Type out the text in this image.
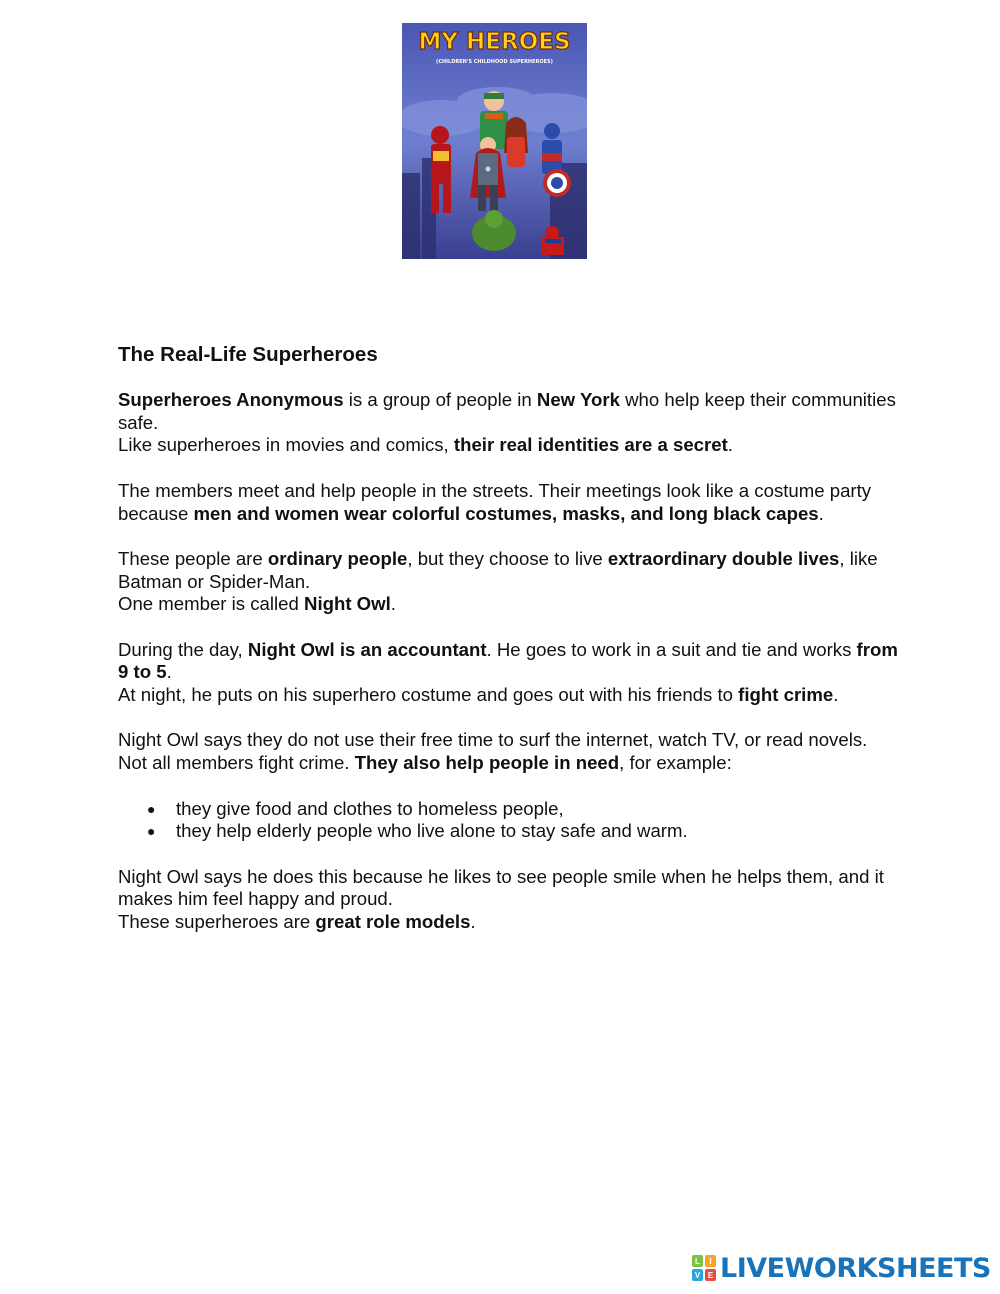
MY HEROES
(CHILDREN'S CHILDHOOD SUPERHEROES)
The Real-Life Superheroes

Superheroes Anonymous is a group of people in New York who help keep their communities safe.
Like superheroes in movies and comics, their real identities are a secret.

The members meet and help people in the streets. Their meetings look like a costume party because men and women wear colorful costumes, masks, and long black capes.

These people are ordinary people, but they choose to live extraordinary double lives, like Batman or Spider-Man.
One member is called Night Owl.

During the day, Night Owl is an accountant. He goes to work in a suit and tie and works from 9 to 5.
At night, he puts on his superhero costume and goes out with his friends to fight crime.

Night Owl says they do not use their free time to surf the internet, watch TV, or read novels.
Not all members fight crime. They also help people in need, for example:

● they give food and clothes to homeless people,
● they help elderly people who live alone to stay safe and warm.

Night Owl says he does this because he likes to see people smile when he helps them, and it makes him feel happy and proud.
These superheroes are great role models.

L	I
V E LIVEWORKSHEETS
